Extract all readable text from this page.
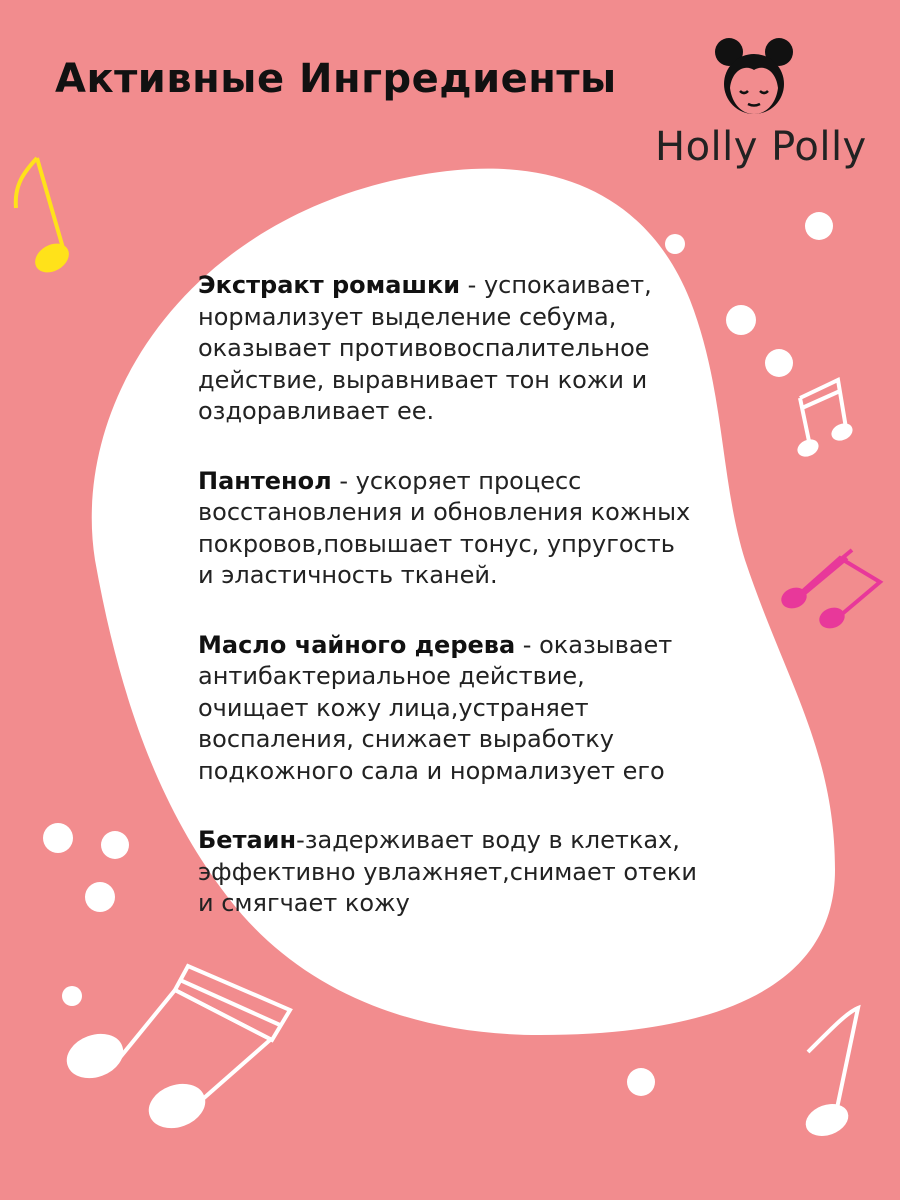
Активные Ингредиенты
Holly Polly

Экстракт ромашки - успокаивает, нормализует выделение себума, оказывает противовоспалительное действие, выравнивает тон кожи и оздоравливает ее.

Пантенол - ускоряет процесс восстановления и обновления кожных покровов,повышает тонус, упругость и эластичность тканей.

Масло чайного дерева - оказывает антибактериальное действие, очищает кожу лица,устраняет воспаления, снижает выработку подкожного сала и нормализует его

Бетаин-задерживает воду в клетках, эффективно увлажняет,снимает отеки и смягчает кожу
